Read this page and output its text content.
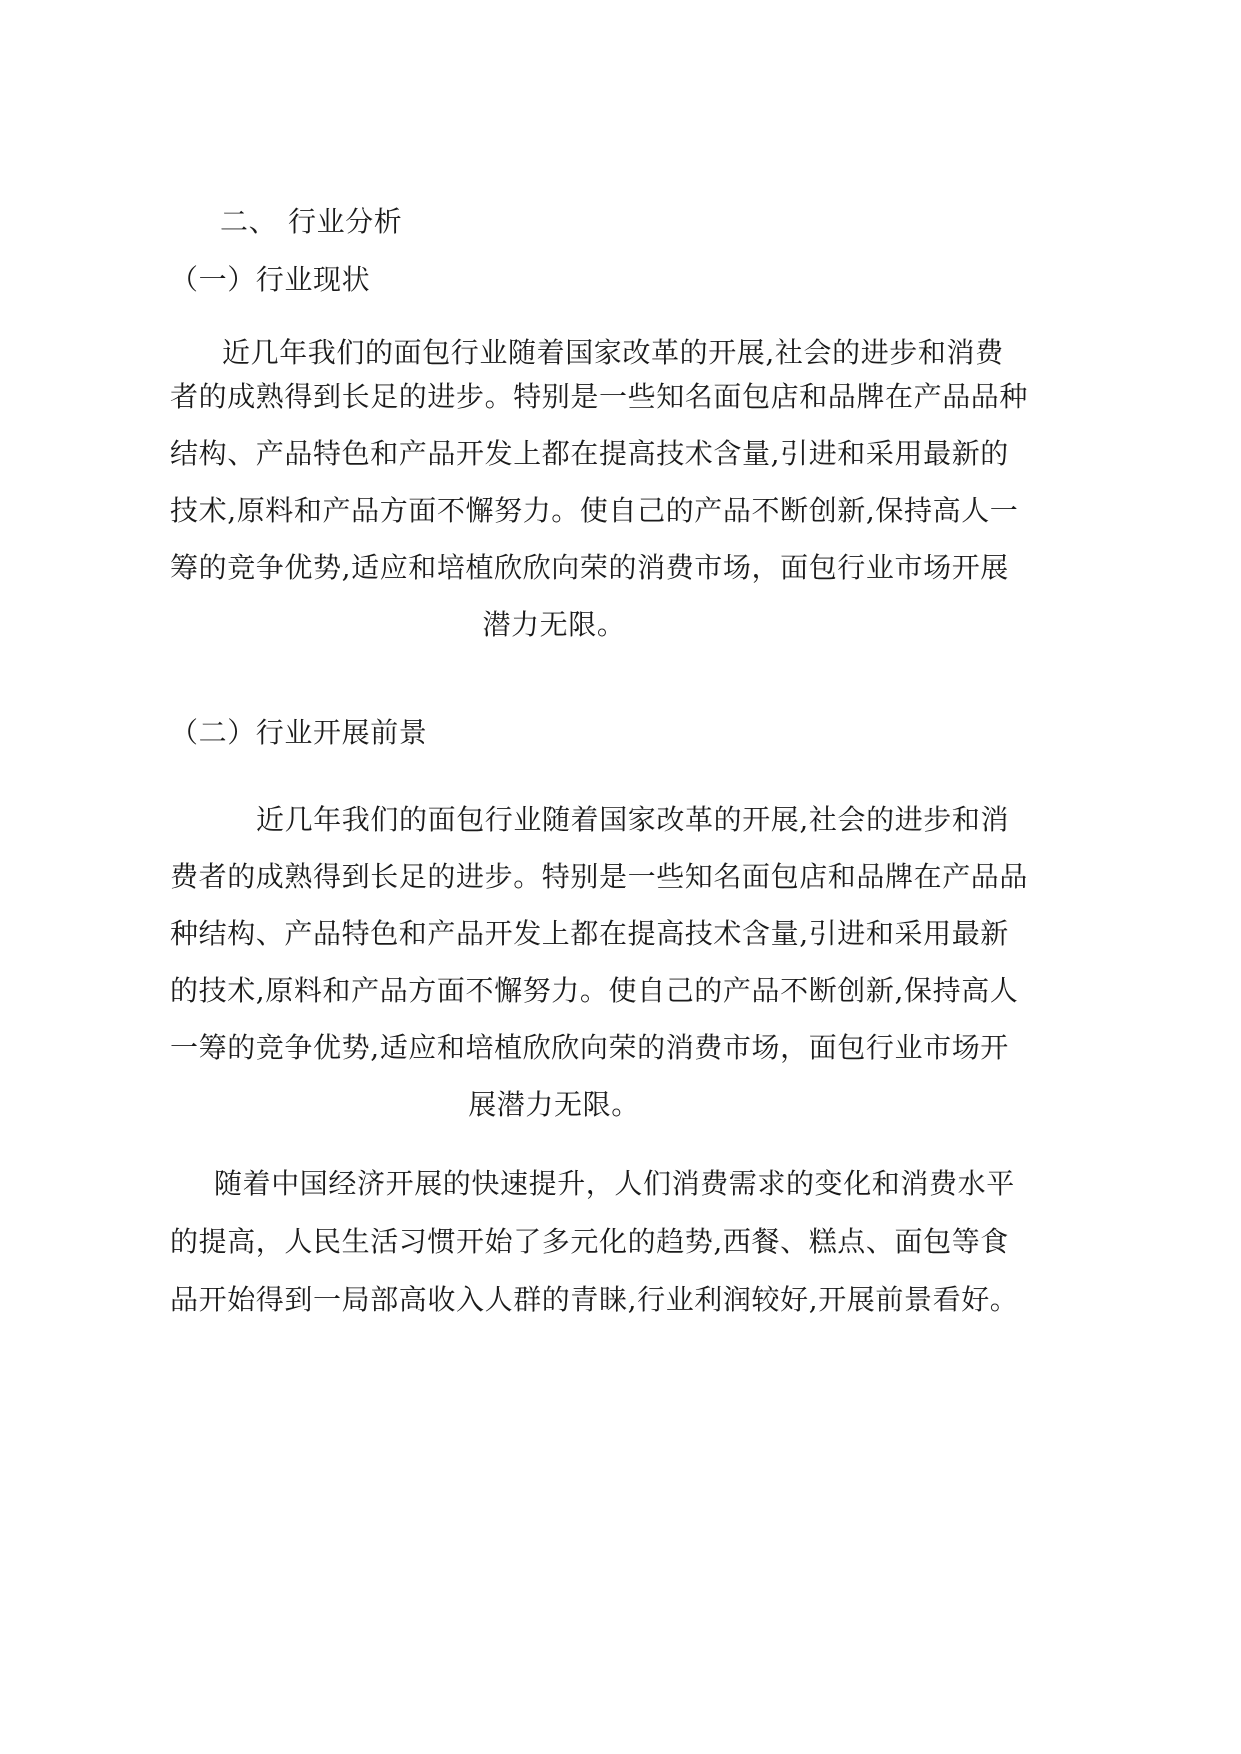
二、 行业分析
（一）行业现状
近几年我们的面包行业随着国家改革的开展,社会的进步和消费
者的成熟得到长足的进步。特别是一些知名面包店和品牌在产品品种
结构、产品特色和产品开发上都在提高技术含量,引进和采用最新的
技术,原料和产品方面不懈努力。使自己的产品不断创新,保持高人一
筹的竞争优势,适应和培植欣欣向荣的消费市场，面包行业市场开展
潜力无限。
（二）行业开展前景
近几年我们的面包行业随着国家改革的开展,社会的进步和消
费者的成熟得到长足的进步。特别是一些知名面包店和品牌在产品品
种结构、产品特色和产品开发上都在提高技术含量,引进和采用最新
的技术,原料和产品方面不懈努力。使自己的产品不断创新,保持高人
一筹的竞争优势,适应和培植欣欣向荣的消费市场，面包行业市场开
展潜力无限。
随着中国经济开展的快速提升，人们消费需求的变化和消费水平
的提高，人民生活习惯开始了多元化的趋势,西餐、糕点、面包等食
品开始得到一局部高收入人群的青睐,行业利润较好,开展前景看好。
